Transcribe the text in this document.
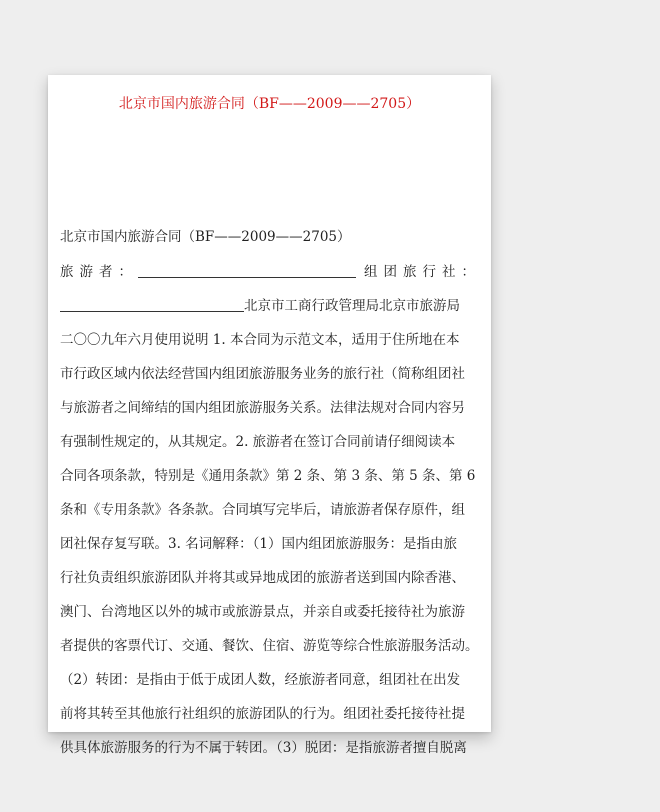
北京市国内旅游合同（BF——2009——2705）
北京市国内旅游合同（BF——2009——2705）
旅游者：	组团旅行社：
北京市工商行政管理局北京市旅游局
二〇〇九年六月使用说明 1. 本合同为示范文本，适用于住所地在本
市行政区域内依法经营国内组团旅游服务业务的旅行社（简称组团社
与旅游者之间缔结的国内组团旅游服务关系。法律法规对合同内容另
有强制性规定的，从其规定。2. 旅游者在签订合同前请仔细阅读本
合同各项条款，特别是《通用条款》第 2 条、第 3 条、第 5 条、第 6
条和《专用条款》各条款。合同填写完毕后，请旅游者保存原件，组
团社保存复写联。3. 名词解释：（1）国内组团旅游服务：是指由旅
行社负责组织旅游团队并将其或异地成团的旅游者送到国内除香港、
澳门、台湾地区以外的城市或旅游景点，并亲自或委托接待社为旅游
者提供的客票代订、交通、餐饮、住宿、游览等综合性旅游服务活动。
（2）转团：是指由于低于成团人数，经旅游者同意，组团社在出发
前将其转至其他旅行社组织的旅游团队的行为。组团社委托接待社提
供具体旅游服务的行为不属于转团。（3）脱团：是指旅游者擅自脱离
